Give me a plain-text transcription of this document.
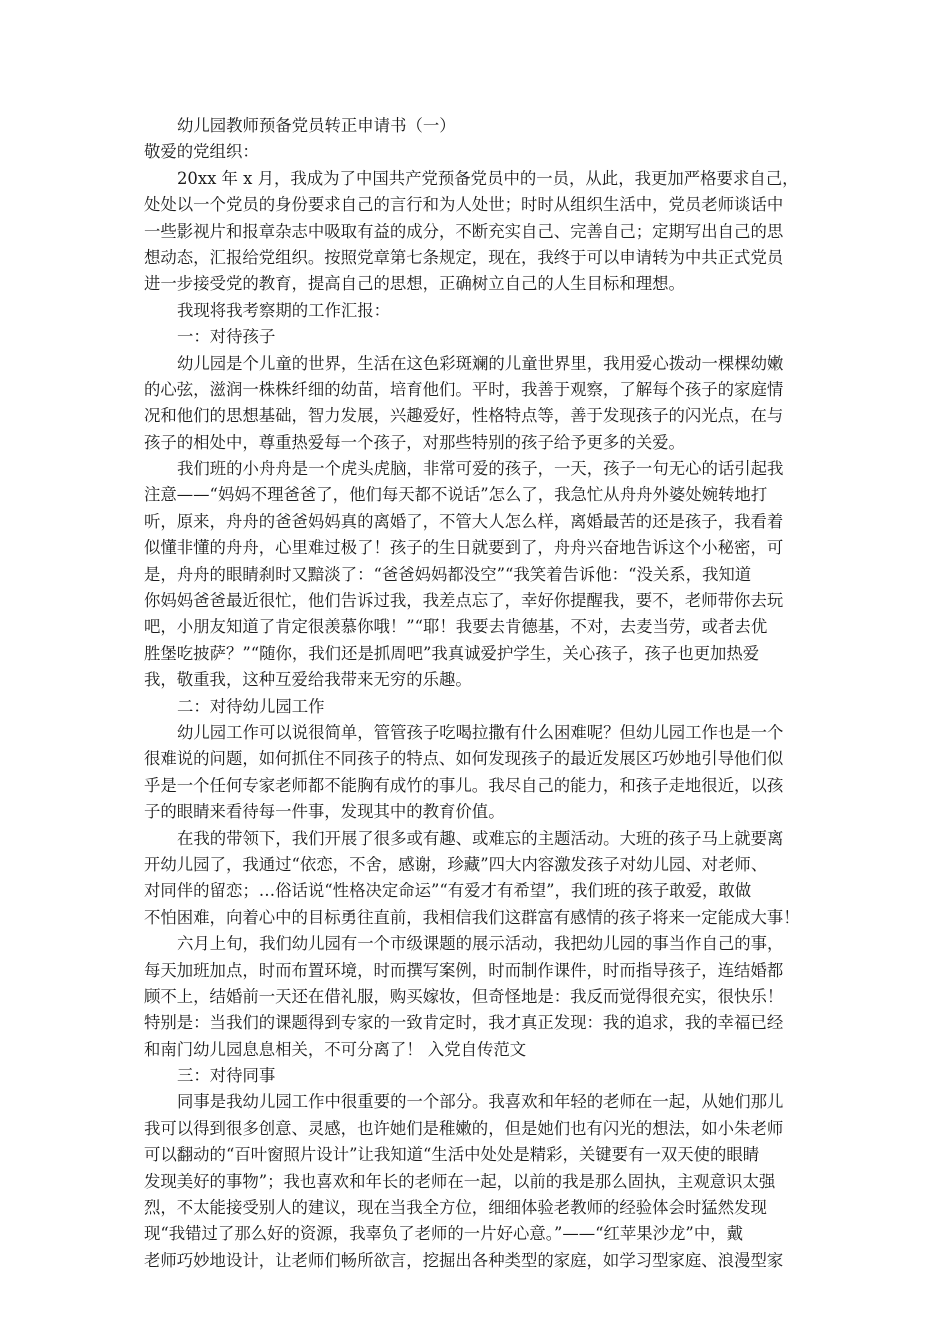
幼儿园教师预备党员转正申请书（一）
敬爱的党组织：
20xx 年 x 月，我成为了中国共产党预备党员中的一员，从此，我更加严格要求自己，
处处以一个党员的身份要求自己的言行和为人处世；时时从组织生活中，党员老师谈话中
一些影视片和报章杂志中吸取有益的成分，不断充实自己、完善自己；定期写出自己的思
想动态，汇报给党组织。按照党章第七条规定，现在，我终于可以申请转为中共正式党员
进一步接受党的教育，提高自己的思想，正确树立自己的人生目标和理想。
我现将我考察期的工作汇报：
一：对待孩子
幼儿园是个儿童的世界，生活在这色彩斑斓的儿童世界里，我用爱心拨动一棵棵幼嫩
的心弦，滋润一株株纤细的幼苗，培育他们。平时，我善于观察，了解每个孩子的家庭情
况和他们的思想基础，智力发展，兴趣爱好，性格特点等，善于发现孩子的闪光点，在与
孩子的相处中，尊重热爱每一个孩子，对那些特别的孩子给予更多的关爱。
我们班的小舟舟是一个虎头虎脑，非常可爱的孩子，一天，孩子一句无心的话引起我
注意——“妈妈不理爸爸了，他们每天都不说话”怎么了，我急忙从舟舟外婆处婉转地打
听，原来，舟舟的爸爸妈妈真的离婚了，不管大人怎么样，离婚最苦的还是孩子，我看着
似懂非懂的舟舟，心里难过极了！孩子的生日就要到了，舟舟兴奋地告诉这个小秘密，可
是，舟舟的眼睛刹时又黯淡了：“爸爸妈妈都没空”“我笑着告诉他：“没关系，我知道
你妈妈爸爸最近很忙，他们告诉过我，我差点忘了，幸好你提醒我，要不，老师带你去玩
吧，小朋友知道了肯定很羡慕你哦！”“耶！我要去肯德基，不对，去麦当劳，或者去优
胜堡吃披萨？”“随你，我们还是抓周吧”我真诚爱护学生，关心孩子，孩子也更加热爱
我，敬重我，这种互爱给我带来无穷的乐趣。
二：对待幼儿园工作
幼儿园工作可以说很简单，管管孩子吃喝拉撒有什么困难呢？但幼儿园工作也是一个
很难说的问题，如何抓住不同孩子的特点、如何发现孩子的最近发展区巧妙地引导他们似
乎是一个任何专家老师都不能胸有成竹的事儿。我尽自己的能力，和孩子走地很近，以孩
子的眼睛来看待每一件事，发现其中的教育价值。
在我的带领下，我们开展了很多或有趣、或难忘的主题活动。大班的孩子马上就要离
开幼儿园了，我通过“依恋，不舍，感谢，珍藏”四大内容激发孩子对幼儿园、对老师、
对同伴的留恋；…俗话说“性格决定命运”“有爱才有希望”，我们班的孩子敢爱，敢做
不怕困难，向着心中的目标勇往直前，我相信我们这群富有感情的孩子将来一定能成大事！
六月上旬，我们幼儿园有一个市级课题的展示活动，我把幼儿园的事当作自己的事，
每天加班加点，时而布置环境，时而撰写案例，时而制作课件，时而指导孩子，连结婚都
顾不上，结婚前一天还在借礼服，购买嫁妆，但奇怪地是：我反而觉得很充实，很快乐！
特别是：当我们的课题得到专家的一致肯定时，我才真正发现：我的追求，我的幸福已经
和南门幼儿园息息相关，不可分离了！ 入党自传范文
三：对待同事
同事是我幼儿园工作中很重要的一个部分。我喜欢和年轻的老师在一起，从她们那儿
我可以得到很多创意、灵感，也许她们是稚嫩的，但是她们也有闪光的想法，如小朱老师
可以翻动的“百叶窗照片设计”让我知道“生活中处处是精彩，关键要有一双天使的眼睛
发现美好的事物”；我也喜欢和年长的老师在一起，以前的我是那么固执，主观意识太强
烈，不太能接受别人的建议，现在当我全方位，细细体验老教师的经验体会时猛然发现
现“我错过了那么好的资源，我辜负了老师的一片好心意。”——“红苹果沙龙”中，戴
老师巧妙地设计，让老师们畅所欲言，挖掘出各种类型的家庭，如学习型家庭、浪漫型家
